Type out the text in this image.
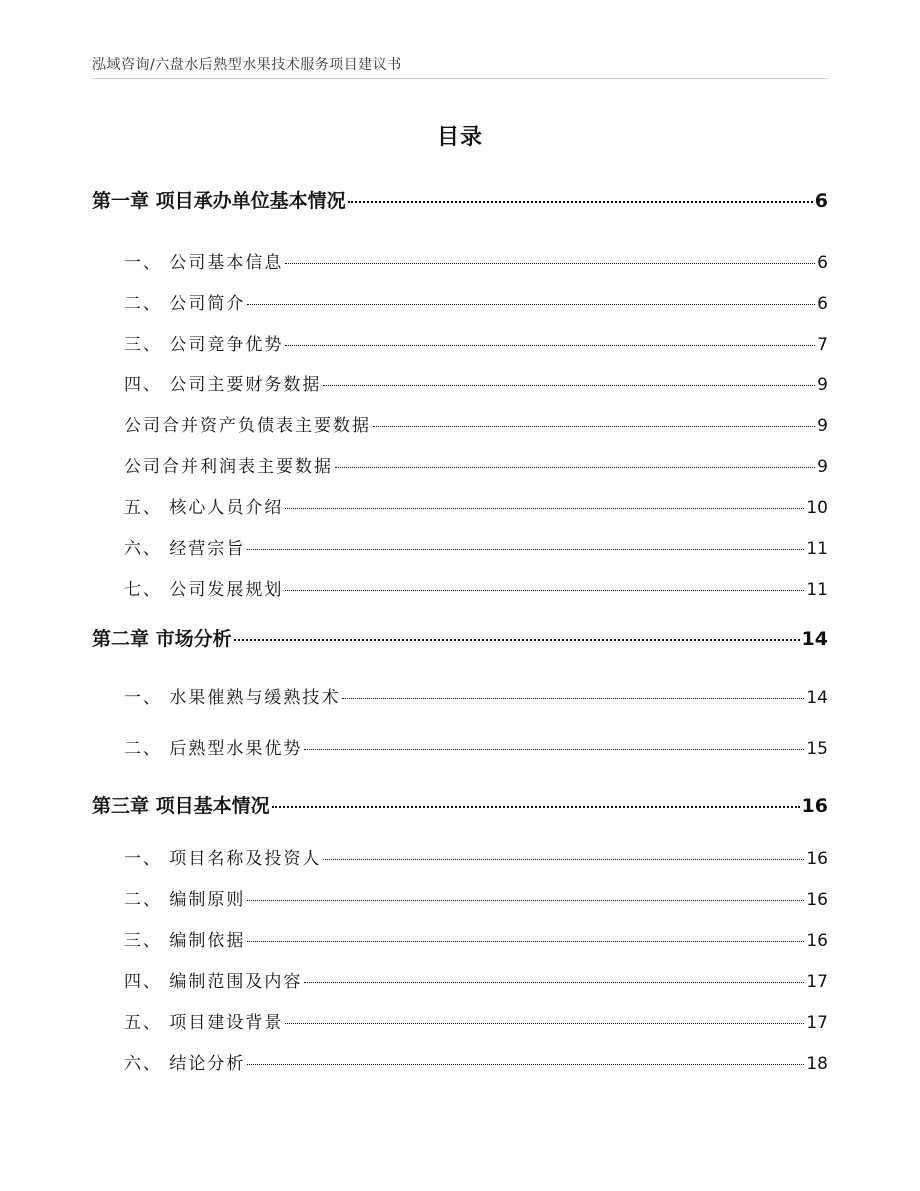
泓域咨询/六盘水后熟型水果技术服务项目建议书
目录
第一章 项目承办单位基本情况	6
一、 公司基本信息	6
二、 公司简介	6
三、 公司竞争优势	7
四、 公司主要财务数据	9
公司合并资产负债表主要数据	9
公司合并利润表主要数据	9
五、 核心人员介绍	10
六、 经营宗旨	11
七、 公司发展规划	11
第二章 市场分析	14
一、 水果催熟与缓熟技术	14
二、 后熟型水果优势	15
第三章 项目基本情况	16
一、 项目名称及投资人	16
二、 编制原则	16
三、 编制依据	16
四、 编制范围及内容	17
五、 项目建设背景	17
六、 结论分析	18
